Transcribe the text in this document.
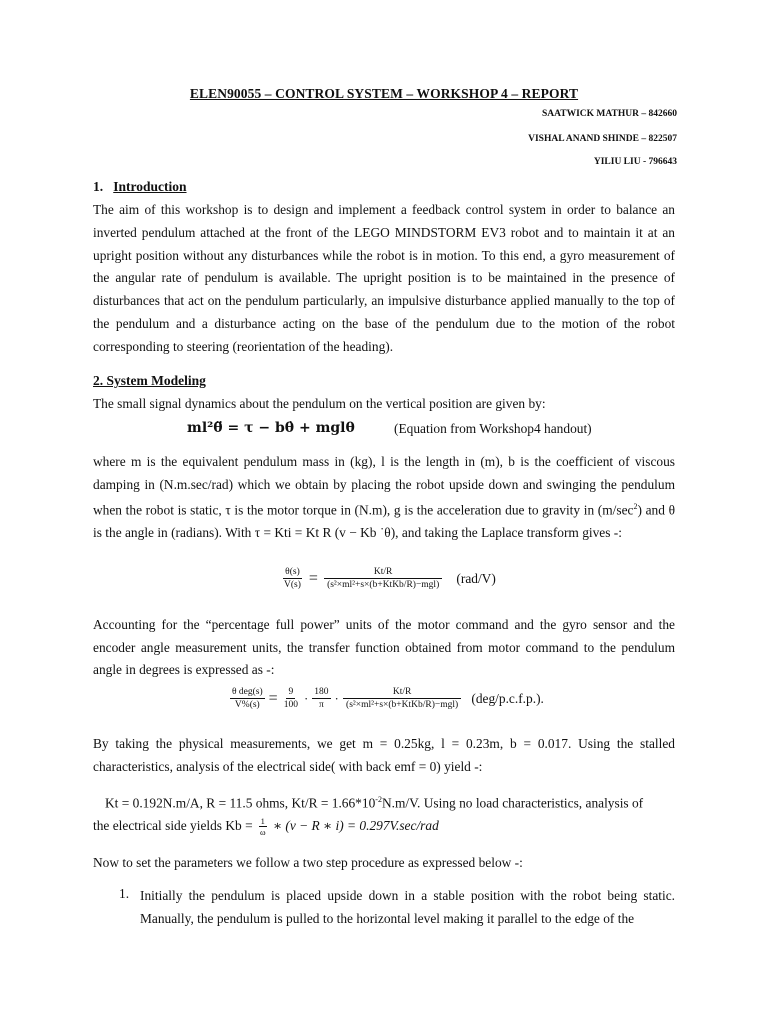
ELEN90055 – CONTROL SYSTEM – WORKSHOP 4 – REPORT
SAATWICK MATHUR – 842660
VISHAL ANAND SHINDE – 822507
YILIU LIU - 796643
1. Introduction
The aim of this workshop is to design and implement a feedback control system in order to balance an inverted pendulum attached at the front of the LEGO MINDSTORM EV3 robot and to maintain it at an upright position without any disturbances while the robot is in motion. To this end, a gyro measurement of the angular rate of pendulum is available. The upright position is to be maintained in the presence of disturbances that act on the pendulum particularly, an impulsive disturbance applied manually to the top of the pendulum and a disturbance acting on the base of the pendulum due to the motion of the robot corresponding to steering (reorientation of the heading).
2. System Modeling
The small signal dynamics about the pendulum on the vertical position are given by:
ml²θ̈ = τ − bθ̇ + mglθ	(Equation from Workshop4 handout)
where m is the equivalent pendulum mass in (kg), l is the length in (m), b is the coefficient of viscous damping in (N.m.sec/rad) which we obtain by placing the robot upside down and swinging the pendulum when the robot is static, τ is the motor torque in (N.m), g is the acceleration due to gravity in $(m/\sec^2)$ and θ is the angle in (radians). With τ = Kti = Kt R (v − Kb ˙θ), and taking the Laplace transform gives -:
$\frac{\theta(s)}{V(s)} = \frac{Kt/R}{\text{(s²×ml²+s×(b+KtKb/R)−mgl)}} (rad/V)$
Accounting for the “percentage full power” units of the motor command and the gyro sensor and the encoder angle measurement units, the transfer function obtained from motor command to the pendulum angle in degrees is expressed as -:
$\frac{\text{θ deg(s)}}{V\%(s)} = \frac{9}{100} \cdot \frac{180}{\pi} \cdot \frac{Kt/R}{\text{(s²×ml²+s×(b+KtKb/R)−mgl)}} (deg/p.c.f.p.)$.
By taking the physical measurements, we get m = 0.25kg, l = 0.23m, b = 0.017. Using the stalled characteristics, analysis of the electrical side( with back emf = 0) yield -:
Kt = 0.192N.m/A, R = 11.5 ohms, $Kt/R = 1.66*10^{-2}N.m/V$. Using no load characteristics, analysis of
the electrical side yields $Kb = \frac{1}{\omega}$ ∗ (v − R ∗ i) = 0.297V.sec/rad
Now to set the parameters we follow a two step procedure as expressed below -:
1. Initially the pendulum is placed upside down in a stable position with the robot being static. Manually, the pendulum is pulled to the horizontal level making it parallel to the edge of the
